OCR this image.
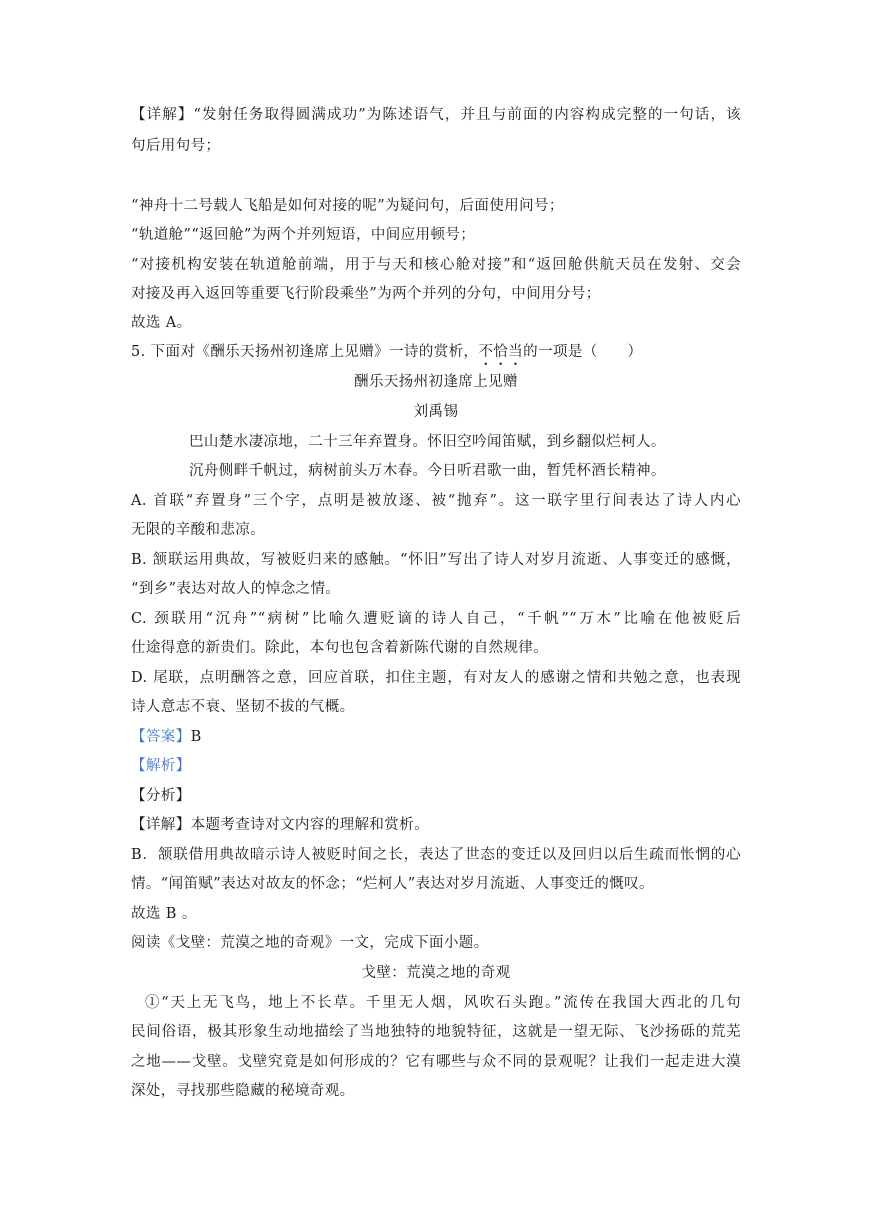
【详解】“发射任务取得圆满成功”为陈述语气，并且与前面的内容构成完整的一句话，该
句后用句号；
“神舟十二号载人飞船是如何对接的呢”为疑问句，后面使用问号；
“轨道舱”“返回舱”为两个并列短语，中间应用顿号；
“对接机构安装在轨道舱前端，用于与天和核心舱对接”和“返回舱供航天员在发射、交会
对接及再入返回等重要飞行阶段乘坐”为两个并列的分句，中间用分号；
故选 A。
5. 下面对《酬乐天扬州初逢席上见赠》一诗的赏析，不恰当的一项是（　　）
酬乐天扬州初逢席上见赠
刘禹锡
巴山楚水凄凉地，二十三年弃置身。怀旧空吟闻笛赋，到乡翻似烂柯人。
沉舟侧畔千帆过，病树前头万木春。今日听君歌一曲，暂凭杯酒长精神。
A. 首联“弃置身”三个字，点明是被放逐、被“抛弃”。这一联字里行间表达了诗人内心
无限的辛酸和悲凉。
B. 颔联运用典故，写被贬归来的感触。“怀旧”写出了诗人对岁月流逝、人事变迁的感慨，
“到乡”表达对故人的悼念之情。
C. 颈联用“沉舟”“病树”比喻久遭贬谪的诗人自己，“千帆”“万木”比喻在他被贬后
仕途得意的新贵们。除此，本句也包含着新陈代谢的自然规律。
D. 尾联，点明酬答之意，回应首联，扣住主题，有对友人的感谢之情和共勉之意，也表现
诗人意志不衰、坚韧不拔的气概。
【答案】B
【解析】
【分析】
【详解】本题考查诗对文内容的理解和赏析。
B．颔联借用典故暗示诗人被贬时间之长，表达了世态的变迁以及回归以后生疏而怅惘的心
情。“闻笛赋”表达对故友的怀念；“烂柯人”表达对岁月流逝、人事变迁的慨叹。
故选 B 。
阅读《戈壁：荒漠之地的奇观》一文，完成下面小题。
戈壁：荒漠之地的奇观
①“天上无飞鸟，地上不长草。千里无人烟，风吹石头跑。”流传在我国大西北的几句
民间俗语，极其形象生动地描绘了当地独特的地貌特征，这就是一望无际、飞沙扬砾的荒芜
之地——戈壁。戈壁究竟是如何形成的？它有哪些与众不同的景观呢？让我们一起走进大漠
深处，寻找那些隐藏的秘境奇观。
